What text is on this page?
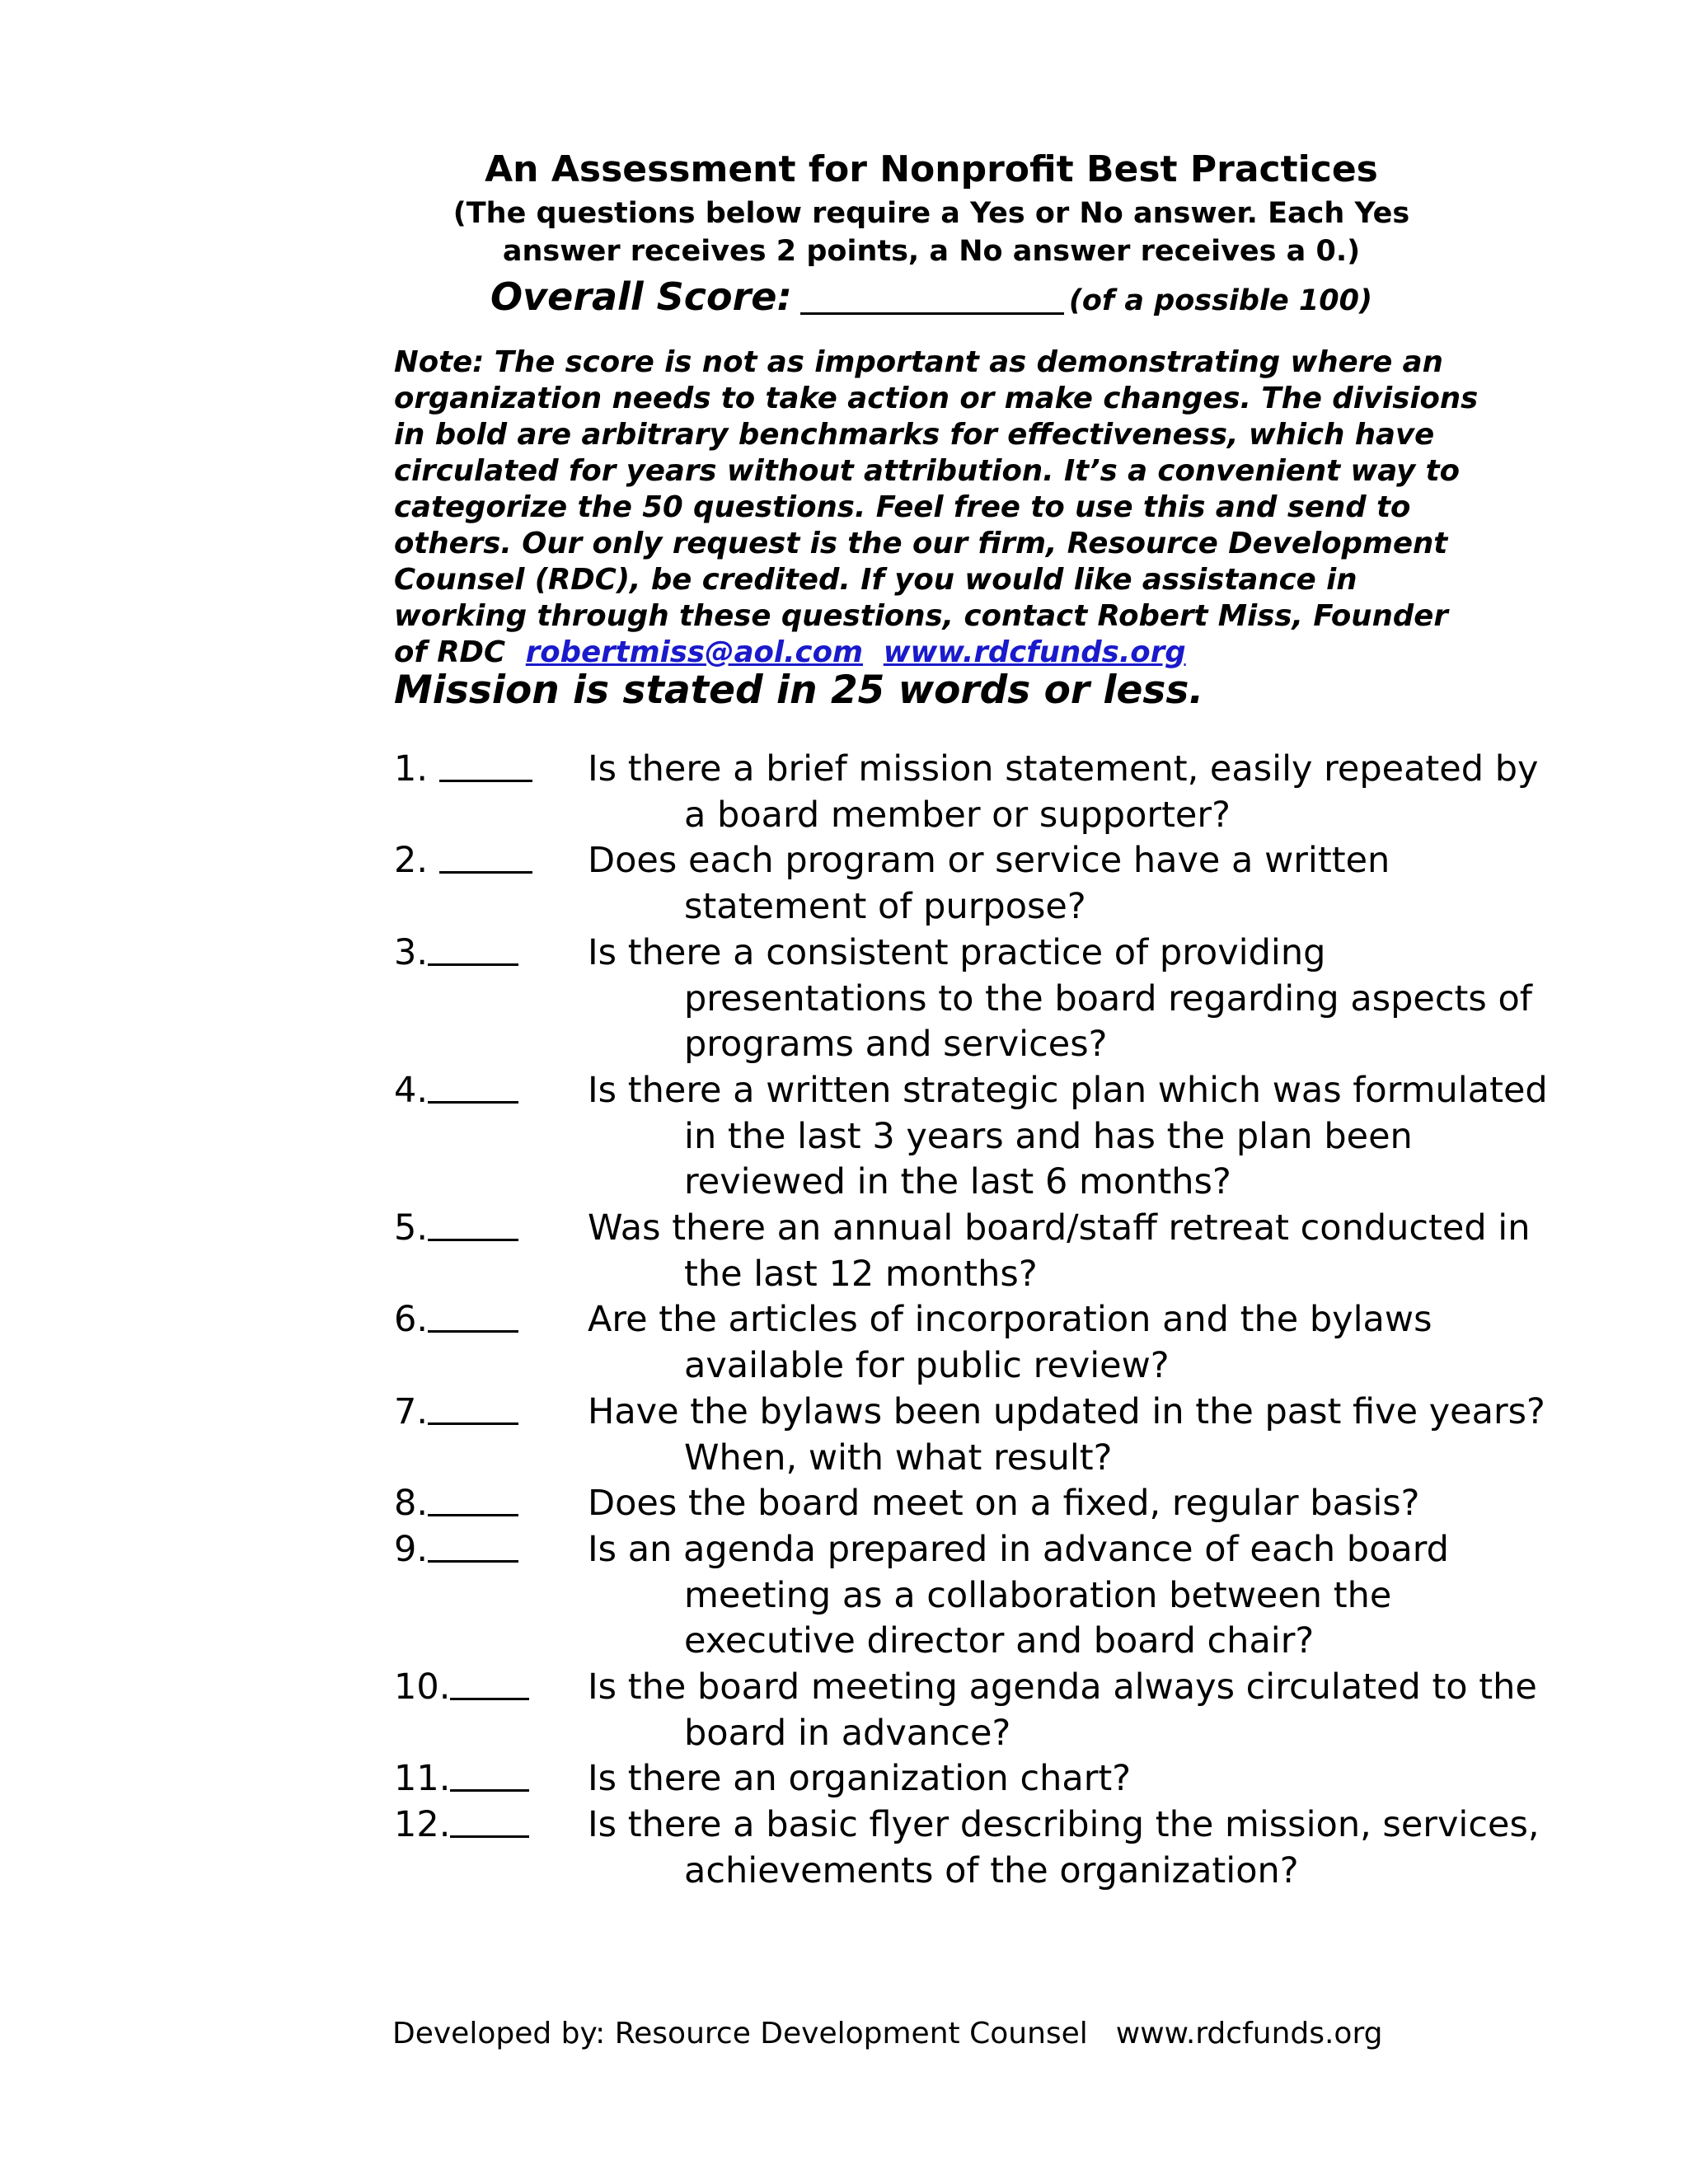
An Assessment for Nonprofit Best Practices

(The questions below require a Yes or No answer. Each Yes

answer receives 2 points, a No answer receives a 0.)

Overall Score:	(of a possible 100)

Note: The score is not as important as demonstrating where an organization needs to take action or make changes. The divisions in bold are arbitrary benchmarks for effectiveness, which have circulated for years without attribution. It’s a convenient way to categorize the 50 questions. Feel free to use this and send to others. Our only request is the our firm, Resource Development Counsel (RDC), be credited. If you would like assistance in working through these questions, contact Robert Miss, Founder of RDC robertmiss@aol.com www.rdcfunds.org

Mission is stated in 25 words or less.
1.	Is there a brief mission statement, easily repeated by a board member or supporter?
2.	Does each program or service have a written statement of purpose?
3.	Is there a consistent practice of providing presentations to the board regarding aspects of programs and services?
4.	Is there a written strategic plan which was formulated in the last 3 years and has the plan been reviewed in the last 6 months?
5.	Was there an annual board/staff retreat conducted in the last 12 months?
6.	Are the articles of incorporation and the bylaws available for public review?
7.	Have the bylaws been updated in the past five years? When, with what result?
8.	Does the board meet on a fixed, regular basis?
9.	Is an agenda prepared in advance of each board meeting as a collaboration between the executive director and board chair?
10.	Is the board meeting agenda always circulated to the board in advance?
11.	Is there an organization chart?
12.	Is there a basic flyer describing the mission, services, achievements of the organization?

Developed by: Resource Development Counsel www.rdcfunds.org
